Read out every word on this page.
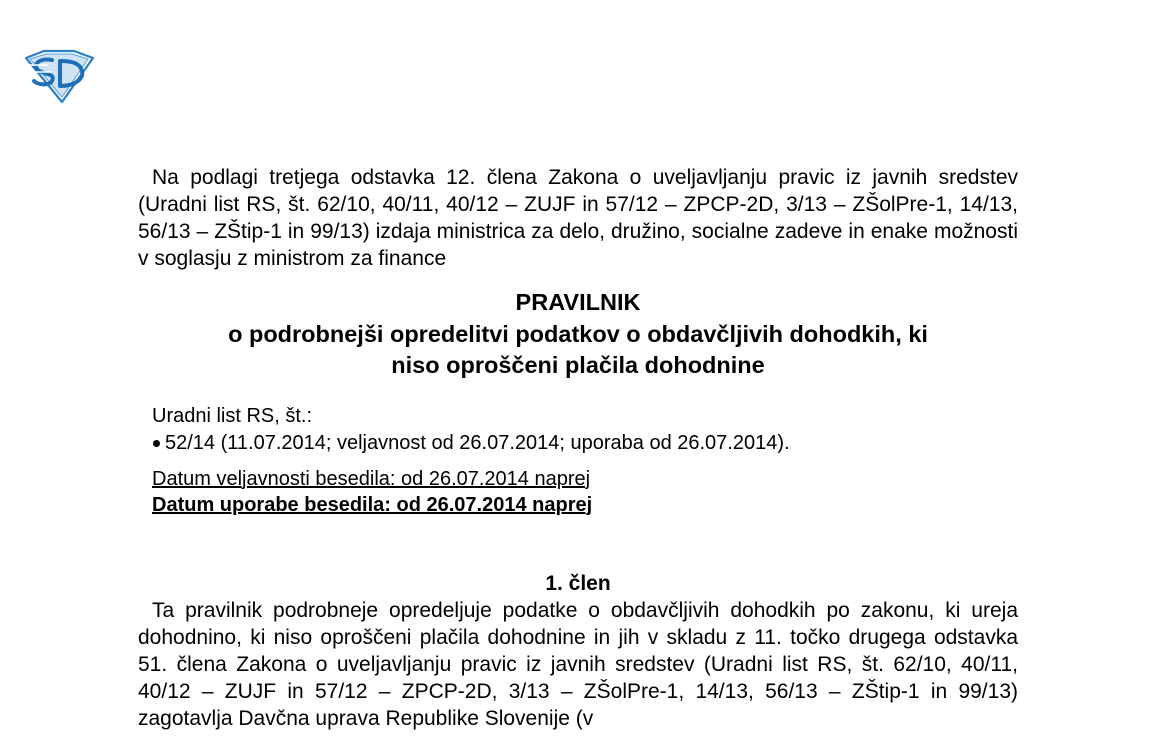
Na podlagi tretjega odstavka 12. člena Zakona o uveljavljanju pravic iz javnih sredstev (Uradni list RS, št. 62/10, 40/11, 40/12 – ZUJF in 57/12 – ZPCP-2D, 3/13 – ZŠolPre-1, 14/13, 56/13 – ZŠtip-1 in 99/13) izdaja ministrica za delo, družino, socialne zadeve in enake možnosti v soglasju z ministrom za finance

PRAVILNIK
o podrobnejši opredelitvi podatkov o obdavčljivih dohodkih, ki
niso oproščeni plačila dohodnine
Uradni list RS, št.:
52/14 (11.07.2014; veljavnost od 26.07.2014; uporaba od 26.07.2014).
Datum veljavnosti besedila: od 26.07.2014 naprej
Datum uporabe besedila: od 26.07.2014 naprej
1. člen

Ta pravilnik podrobneje opredeljuje podatke o obdavčljivih dohodkih po zakonu, ki ureja dohodnino, ki niso oproščeni plačila dohodnine in jih v skladu z 11. točko drugega odstavka 51. člena Zakona o uveljavljanju pravic iz javnih sredstev (Uradni list RS, št. 62/10, 40/11, 40/12 – ZUJF in 57/12 – ZPCP-2D, 3/13 – ZŠolPre-1, 14/13, 56/13 – ZŠtip-1 in 99/13) zagotavlja Davčna uprava Republike Slovenije (v
